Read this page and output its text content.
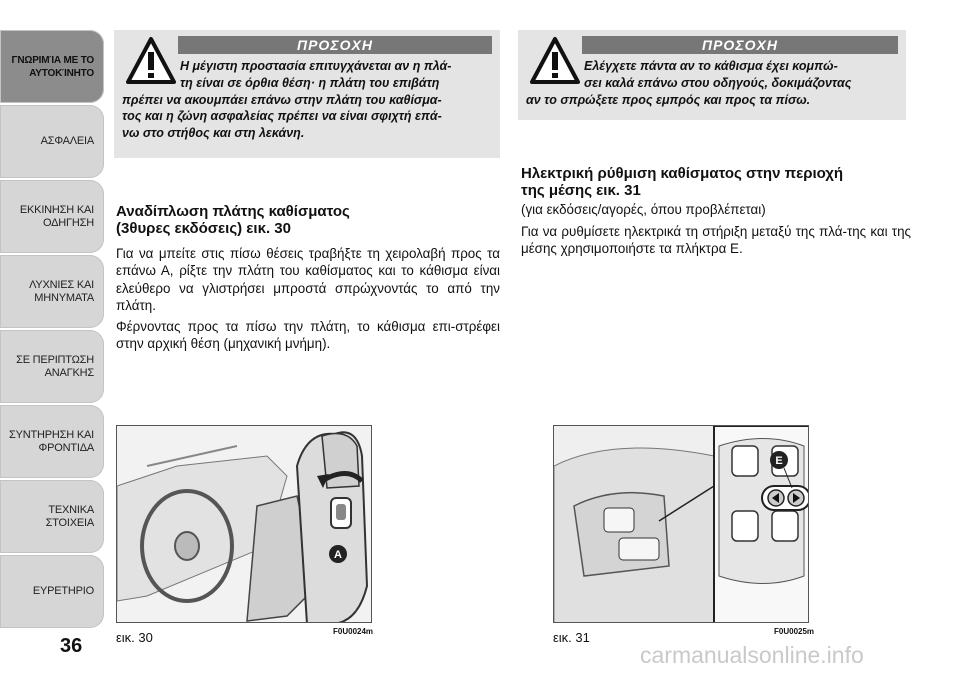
ΓΝΩΡΙΜΊΑ ΜΕ ΤΟ
ΑΥΤΟΚΊΝΗΤΟ
ΑΣΦΑΛΕΙΑ
ΕΚΚΙΝΗΣΗ ΚΑΙ
ΟΔΗΓΗΣΗ
ΛΥΧΝΙΕΣ ΚΑΙ
ΜΗΝΥΜΑΤΑ
ΣΕ ΠΕΡΙΠΤΩΣΗ
ΑΝΑΓΚΗΣ
ΣΥΝΤΗΡΗΣΗ ΚΑΙ
ΦΡΟΝΤΙΔΑ
ΤΕΧΝΙΚΑ ΣΤΟΙΧΕΙΑ
ΕΥΡΕΤΗΡΙΟ
36
ΠΡΟΣΟΧΗ
Η μέγιστη προστασία επιτυγχάνεται αν η πλά-
τη είναι σε όρθια θέση· η πλάτη του επιβάτη
πρέπει να ακουμπάει επάνω στην πλάτη του καθίσμα-
τος και η ζώνη ασφαλείας πρέπει να είναι σφιχτή επά-
νω στο στήθος και στη λεκάνη.
ΠΡΟΣΟΧΗ
Ελέγχετε πάντα αν το κάθισμα έχει κομπώ-
σει καλά επάνω στου οδηγούς, δοκιμάζοντας
αν το σπρώξετε προς εμπρός και προς τα πίσω.
Αναδίπλωση πλάτης καθίσματος
(3θυρες εκδόσεις) εικ. 30

Για να μπείτε στις πίσω θέσεις τραβήξτε τη χειρολαβή προς τα επάνω Α, ρίξτε την πλάτη του καθίσματος και το κάθισμα είναι ελεύθερο να γλιστρήσει μπροστά σπρώχνοντάς το από την πλάτη.

Φέρνοντας προς τα πίσω την πλάτη, το κάθισμα επι-στρέφει στην αρχική θέση (μηχανική μνήμη).

Ηλεκτρική ρύθμιση καθίσματος στην περιοχή
της μέσης εικ. 31

(για εκδόσεις/αγορές, όπου προβλέπεται)

Για να ρυθμίσετε ηλεκτρικά τη στήριξη μεταξύ της πλά-της και της μέσης χρησιμοποιήστε τα πλήκτρα Ε.

A
εικ. 30	F0U0024m
E
εικ. 31	F0U0025m
carmanualsonline.info
